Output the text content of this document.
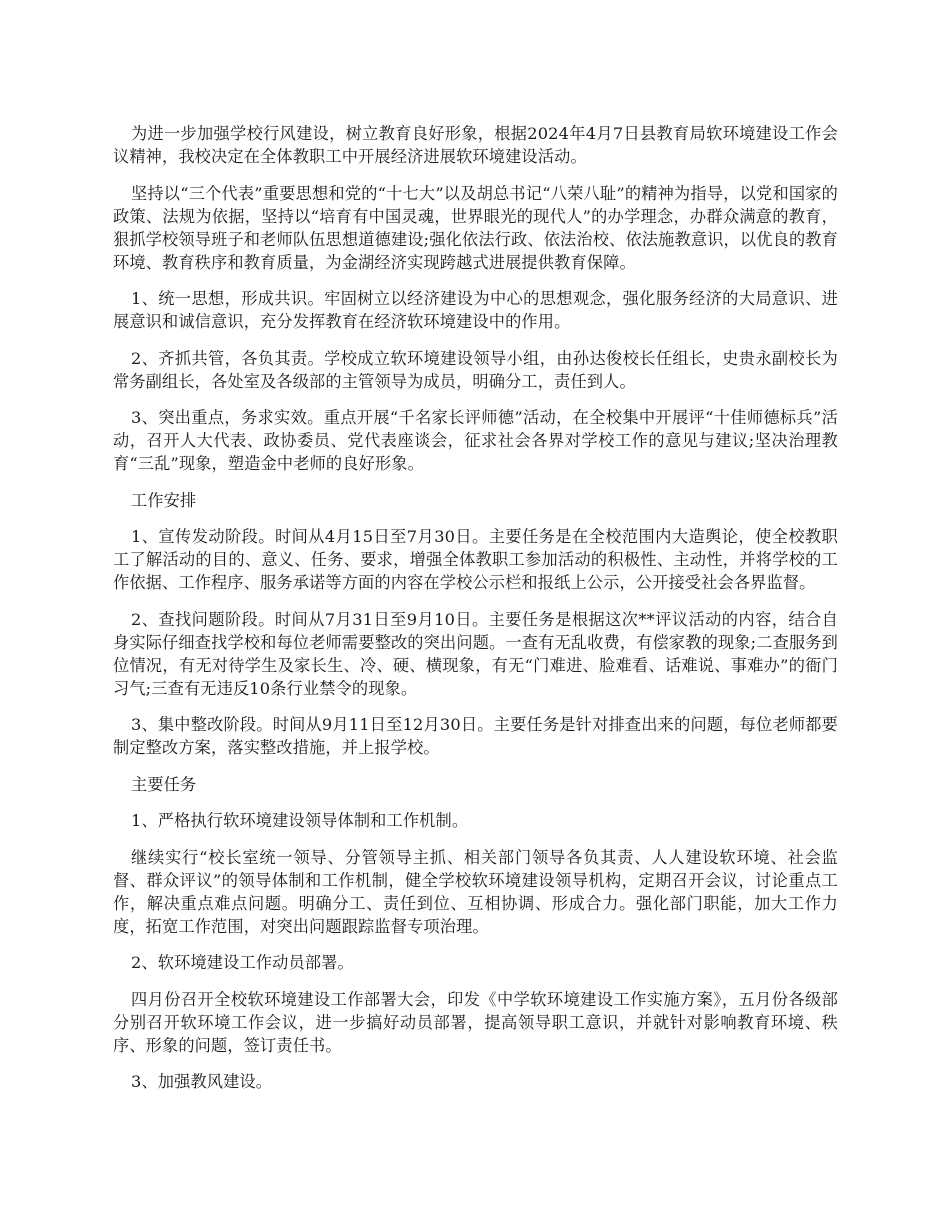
为进一步加强学校行风建设，树立教育良好形象，根据2024年4月7日县教育局软环境建设工作会议精神，我校决定在全体教职工中开展经济进展软环境建设活动。

坚持以“三个代表”重要思想和党的“十七大”以及胡总书记“八荣八耻”的精神为指导，以党和国家的政策、法规为依据，坚持以“培育有中国灵魂，世界眼光的现代人”的办学理念，办群众满意的教育，狠抓学校领导班子和老师队伍思想道德建设;强化依法行政、依法治校、依法施教意识，以优良的教育环境、教育秩序和教育质量，为金湖经济实现跨越式进展提供教育保障。

1、统一思想，形成共识。牢固树立以经济建设为中心的思想观念，强化服务经济的大局意识、进展意识和诚信意识，充分发挥教育在经济软环境建设中的作用。

2、齐抓共管，各负其责。学校成立软环境建设领导小组，由孙达俊校长任组长，史贵永副校长为常务副组长，各处室及各级部的主管领导为成员，明确分工，责任到人。

3、突出重点，务求实效。重点开展“千名家长评师德”活动，在全校集中开展评“十佳师德标兵”活动，召开人大代表、政协委员、党代表座谈会，征求社会各界对学校工作的意见与建议;坚决治理教育“三乱”现象，塑造金中老师的良好形象。

工作安排

1、宣传发动阶段。时间从4月15日至7月30日。主要任务是在全校范围内大造舆论，使全校教职工了解活动的目的、意义、任务、要求，增强全体教职工参加活动的积极性、主动性，并将学校的工作依据、工作程序、服务承诺等方面的内容在学校公示栏和报纸上公示，公开接受社会各界监督。

2、查找问题阶段。时间从7月31日至9月10日。主要任务是根据这次**评议活动的内容，结合自身实际仔细查找学校和每位老师需要整改的突出问题。一查有无乱收费，有偿家教的现象;二查服务到位情况，有无对待学生及家长生、冷、硬、横现象，有无“门难进、脸难看、话难说、事难办”的衙门习气;三查有无违反10条行业禁令的现象。

3、集中整改阶段。时间从9月11日至12月30日。主要任务是针对排查出来的问题，每位老师都要制定整改方案，落实整改措施，并上报学校。

主要任务

1、严格执行软环境建设领导体制和工作机制。

继续实行“校长室统一领导、分管领导主抓、相关部门领导各负其责、人人建设软环境、社会监督、群众评议”的领导体制和工作机制，健全学校软环境建设领导机构，定期召开会议，讨论重点工作，解决重点难点问题。明确分工、责任到位、互相协调、形成合力。强化部门职能，加大工作力度，拓宽工作范围，对突出问题跟踪监督专项治理。

2、软环境建设工作动员部署。

四月份召开全校软环境建设工作部署大会，印发《中学软环境建设工作实施方案》，五月份各级部分别召开软环境工作会议，进一步搞好动员部署，提高领导职工意识，并就针对影响教育环境、秩序、形象的问题，签订责任书。

3、加强教风建设。
